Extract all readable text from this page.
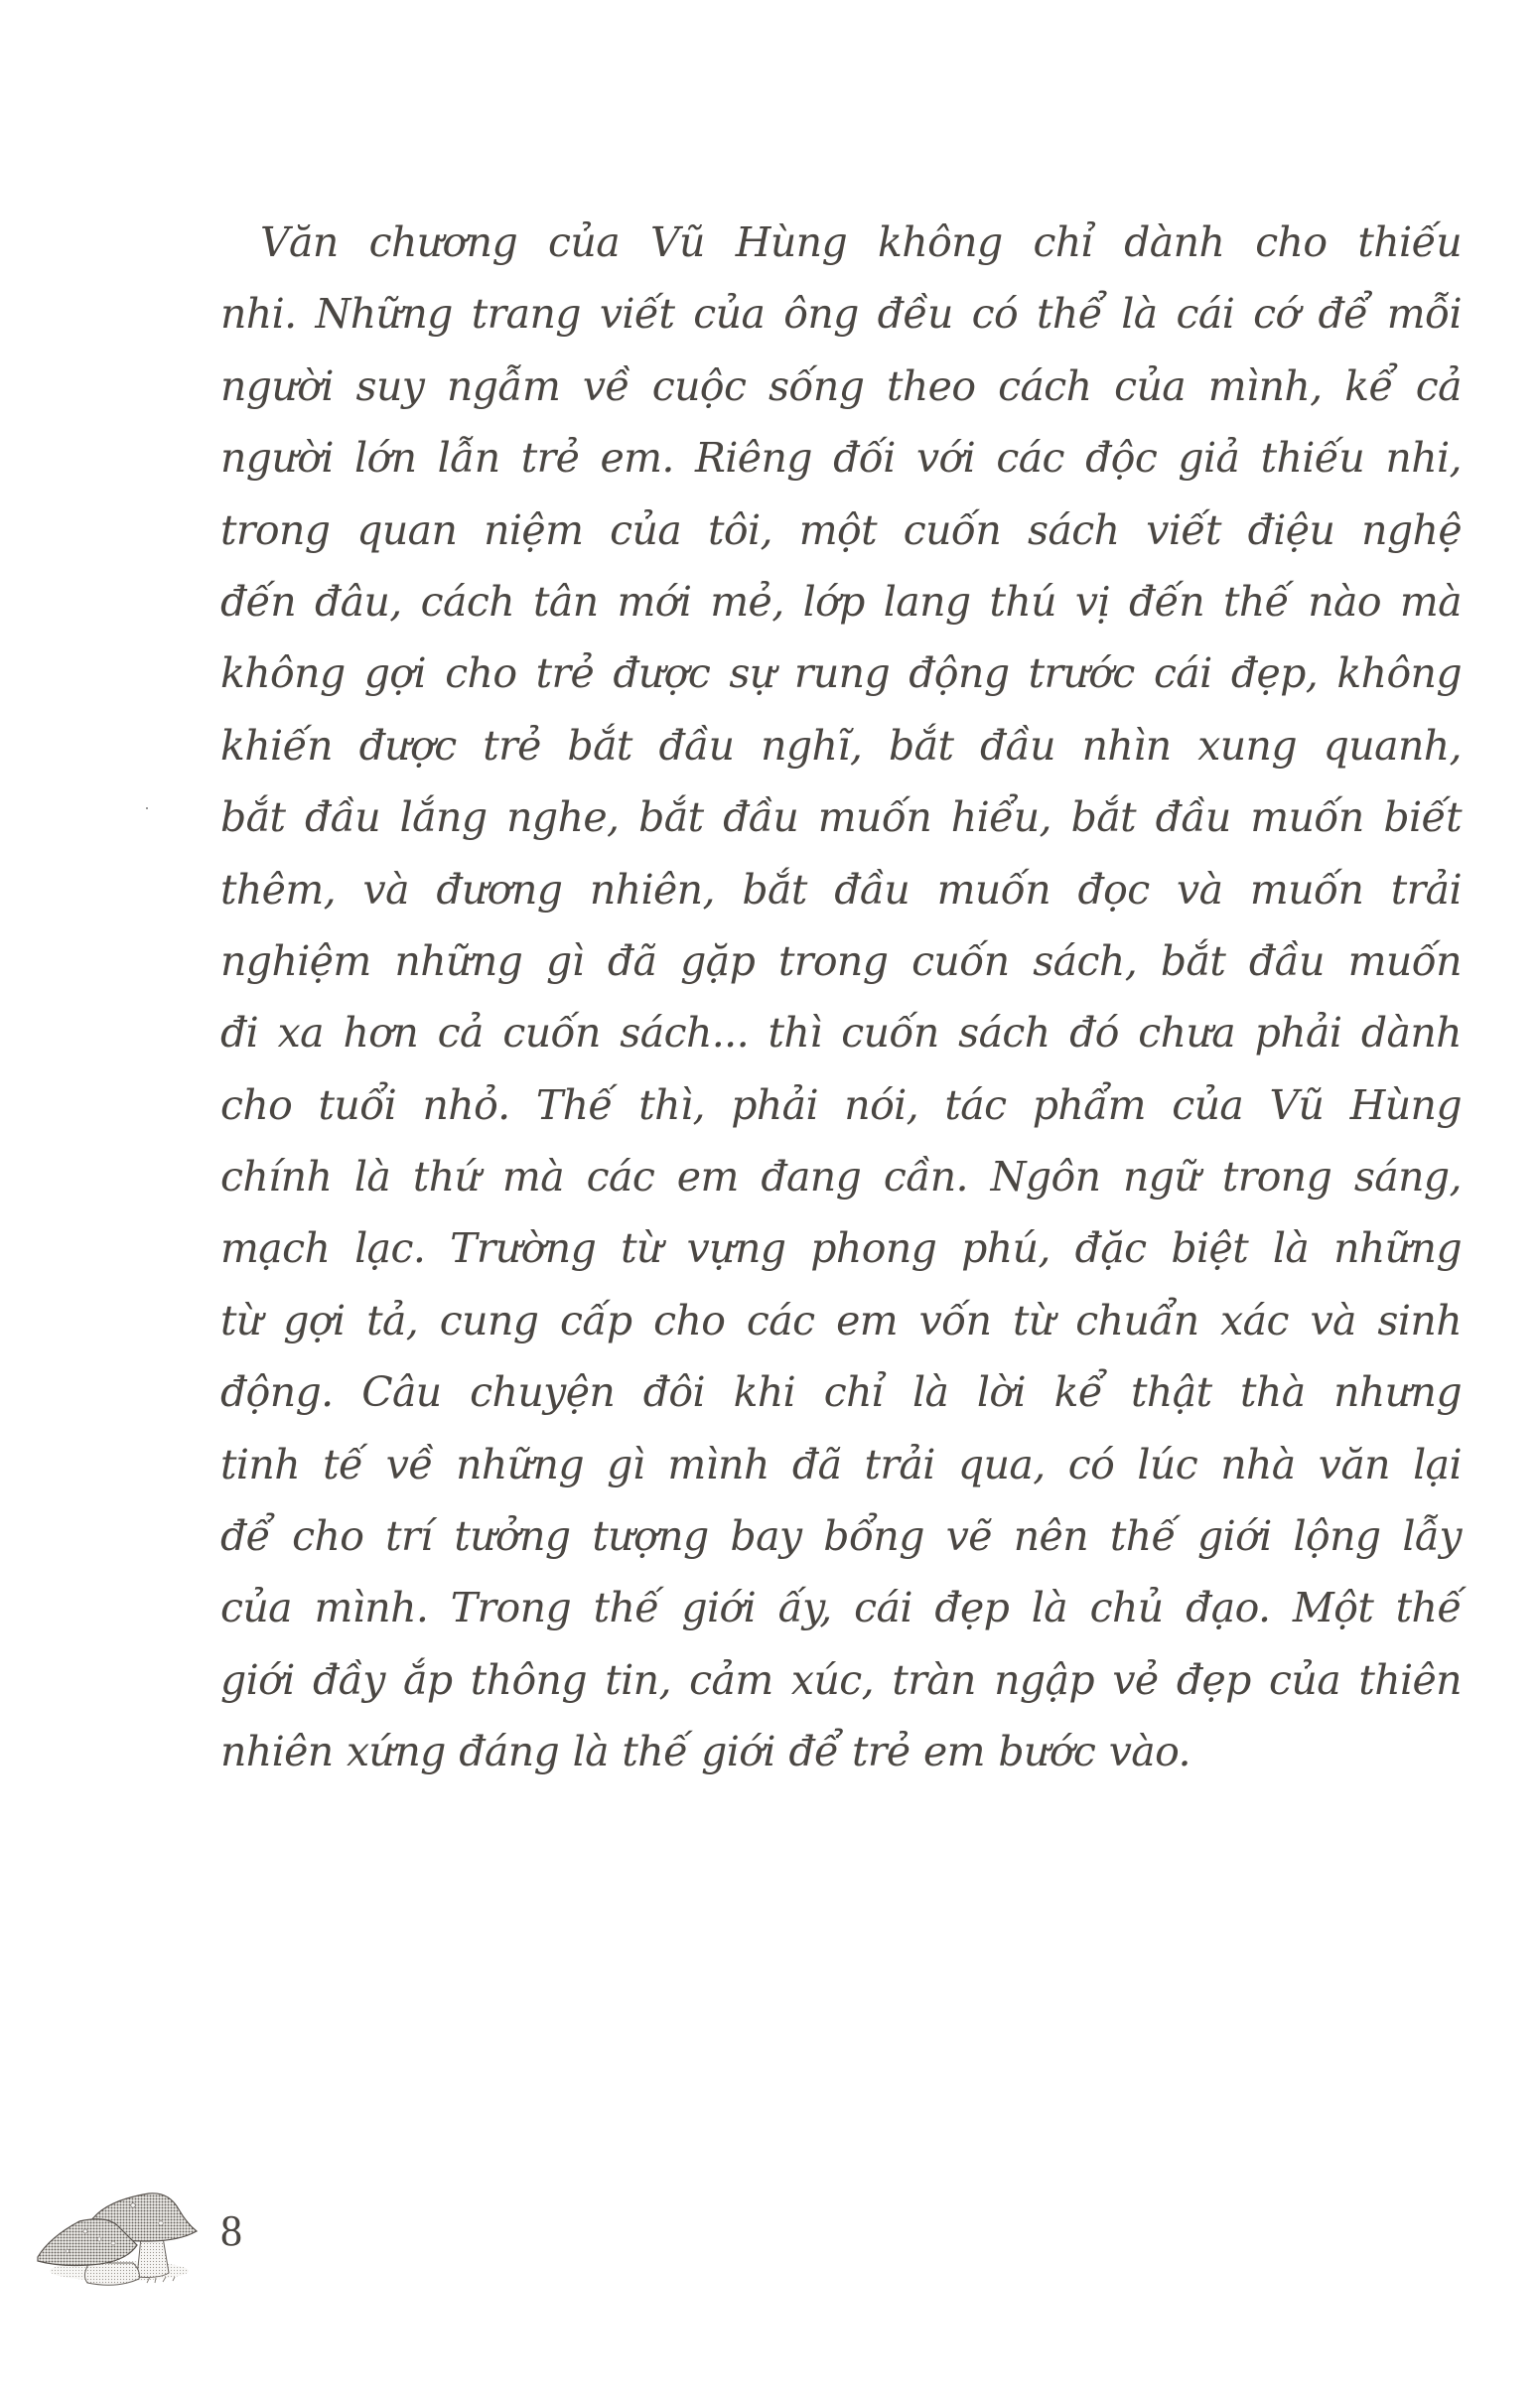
Văn chương của Vũ Hùng không chỉ dành cho thiếu
nhi. Những trang viết của ông đều có thể là cái cớ để mỗi
người suy ngẫm về cuộc sống theo cách của mình, kể cả
người lớn lẫn trẻ em. Riêng đối với các độc giả thiếu nhi,
trong quan niệm của tôi, một cuốn sách viết điệu nghệ
đến đâu, cách tân mới mẻ, lớp lang thú vị đến thế nào mà
không gợi cho trẻ được sự rung động trước cái đẹp, không
khiến được trẻ bắt đầu nghĩ, bắt đầu nhìn xung quanh,
bắt đầu lắng nghe, bắt đầu muốn hiểu, bắt đầu muốn biết
thêm, và đương nhiên, bắt đầu muốn đọc và muốn trải
nghiệm những gì đã gặp trong cuốn sách, bắt đầu muốn
đi xa hơn cả cuốn sách... thì cuốn sách đó chưa phải dành
cho tuổi nhỏ. Thế thì, phải nói, tác phẩm của Vũ Hùng
chính là thứ mà các em đang cần. Ngôn ngữ trong sáng,
mạch lạc. Trường từ vựng phong phú, đặc biệt là những
từ gợi tả, cung cấp cho các em vốn từ chuẩn xác và sinh
động. Câu chuyện đôi khi chỉ là lời kể thật thà nhưng
tinh tế về những gì mình đã trải qua, có lúc nhà văn lại
để cho trí tưởng tượng bay bổng vẽ nên thế giới lộng lẫy
của mình. Trong thế giới ấy, cái đẹp là chủ đạo. Một thế
giới đầy ắp thông tin, cảm xúc, tràn ngập vẻ đẹp của thiên
nhiên xứng đáng là thế giới để trẻ em bước vào.
8
